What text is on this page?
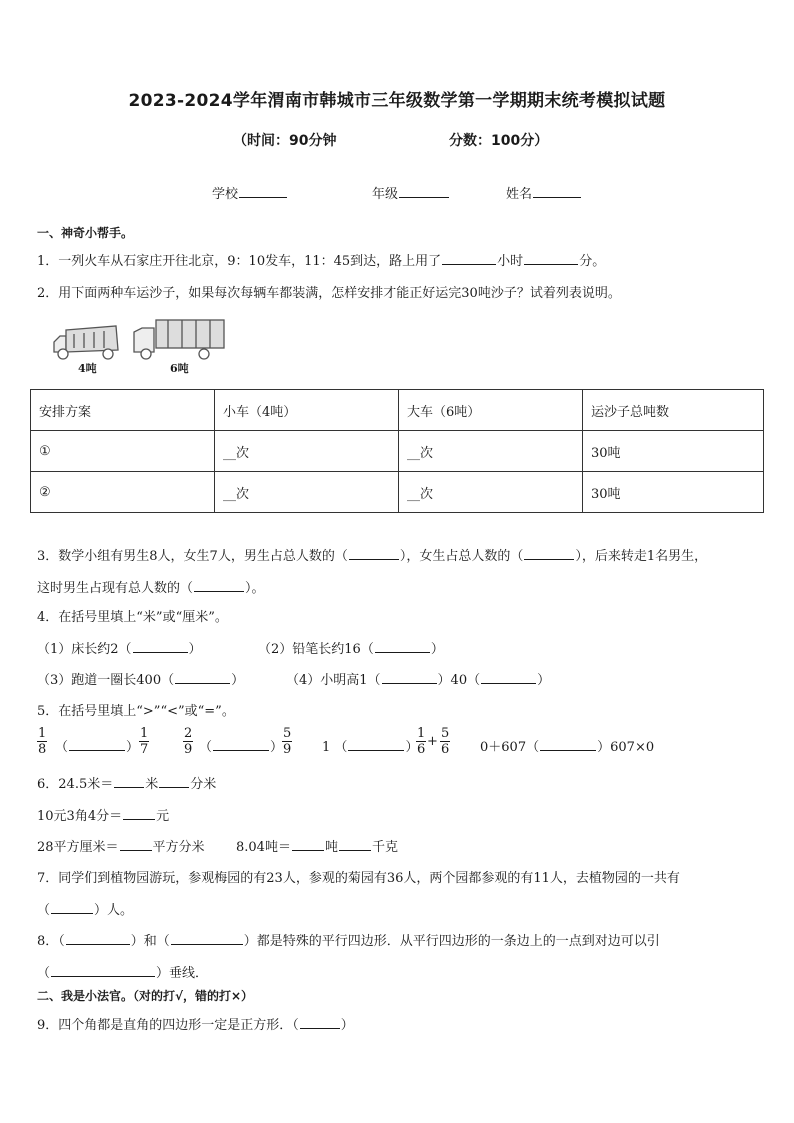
2023-2024学年渭南市韩城市三年级数学第一学期期末统考模拟试题
（时间：90分钟	分数：100分）
学校	年级	姓名
一、神奇小帮手。
1．一列火车从石家庄开往北京，9：10发车，11：45到达，路上用了	小时	分。
2．用下面两种车运沙子，如果每次每辆车都装满，怎样安排才能正好运完30吨沙子？试着列表说明。
4吨	6吨
安排方案	小车（4吨）	大车（6吨）	运沙子总吨数
①	__次	__次	30吨
②	__次	__次	30吨
3．数学小组有男生8人，女生7人，男生占总人数的（	），女生占总人数的（	），后来转走1名男生，
这时男生占现有总人数的（	）。
4．在括号里填上“米”或“厘米”。
（1）床长约2（	）	（2）铅笔长约16（	）
（3）跑道一圈长400（	）	（4）小明高1（	）40（	）
5．在括号里填上“>”“<”或“=”。
$\frac{1}{8}$ （	） $\frac{1}{7}$	$\frac{2}{9}$ （	）
$\frac{5}{9} 1$ （	）
$\frac{1}{6} + \frac{5}{6} 0+607$（	）607×0
6．24.5米＝ 米 分米
10元3角4分＝	元
28平方厘米＝	平方分米 8.04吨＝	吨	千克
7．同学们到植物园游玩，参观梅园的有23人，参观的菊园有36人，两个园都参观的有11人，去植物园的一共有
（	）人。
8．（	）和（	）都是特殊的平行四边形．从平行四边形的一条边上的一点到对边可以引
（	）垂线．
二、我是小法官。（对的打√，错的打×）
9．四个角都是直角的四边形一定是正方形．（	）
